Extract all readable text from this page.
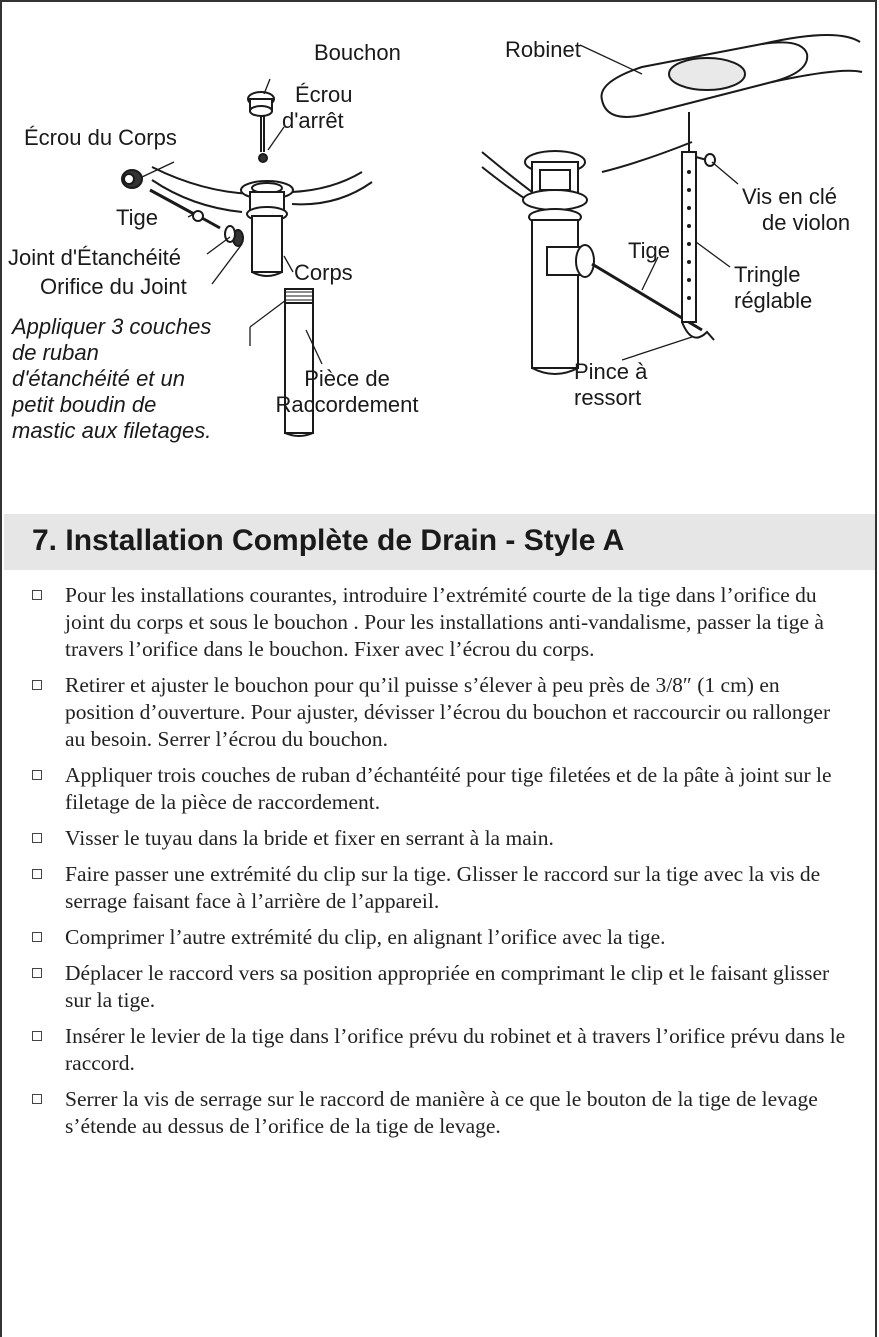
Bouchon
Écrou
d'arrêt
Écrou du Corps
Tige
Joint d'Étanchéité
Orifice du Joint
Corps
Appliquer 3 couches
de ruban
d'étanchéité et un
petit boudin de
mastic aux filetages.
Pièce de
Raccordement
Robinet
Vis en clé
de violon
Tige
Tringle
réglable
Pince à
ressort
7. Installation Complète de Drain - Style A
Pour les installations courantes, introduire l’extrémité courte de la tige dans l’orifice du joint du corps et sous le bouchon . Pour les installations anti-vandalisme, passer la tige à travers l’orifice dans le bouchon. Fixer avec l’écrou du corps.
Retirer et ajuster le bouchon pour qu’il puisse s’élever à peu près de 3/8″ (1 cm) en position d’ouverture. Pour ajuster, dévisser l’écrou du bouchon et raccourcir ou rallonger au besoin. Serrer l’écrou du bouchon.
Appliquer trois couches de ruban d’échantéité pour tige filetées et de la pâte à joint sur le filetage de la pièce de raccordement.
Visser le tuyau dans la bride et fixer en serrant à la main.
Faire passer une extrémité du clip sur la tige. Glisser le raccord sur la tige avec la vis de serrage faisant face à l’arrière de l’appareil.
Comprimer l’autre extrémité du clip, en alignant l’orifice avec la tige.
Déplacer le raccord vers sa position appropriée en comprimant le clip et le faisant glisser sur la tige.
Insérer le levier de la tige dans l’orifice prévu du robinet et à travers l’orifice prévu dans le raccord.
Serrer la vis de serrage sur le raccord de manière à ce que le bouton de la tige de levage s’étende au dessus de l’orifice de la tige de levage.
